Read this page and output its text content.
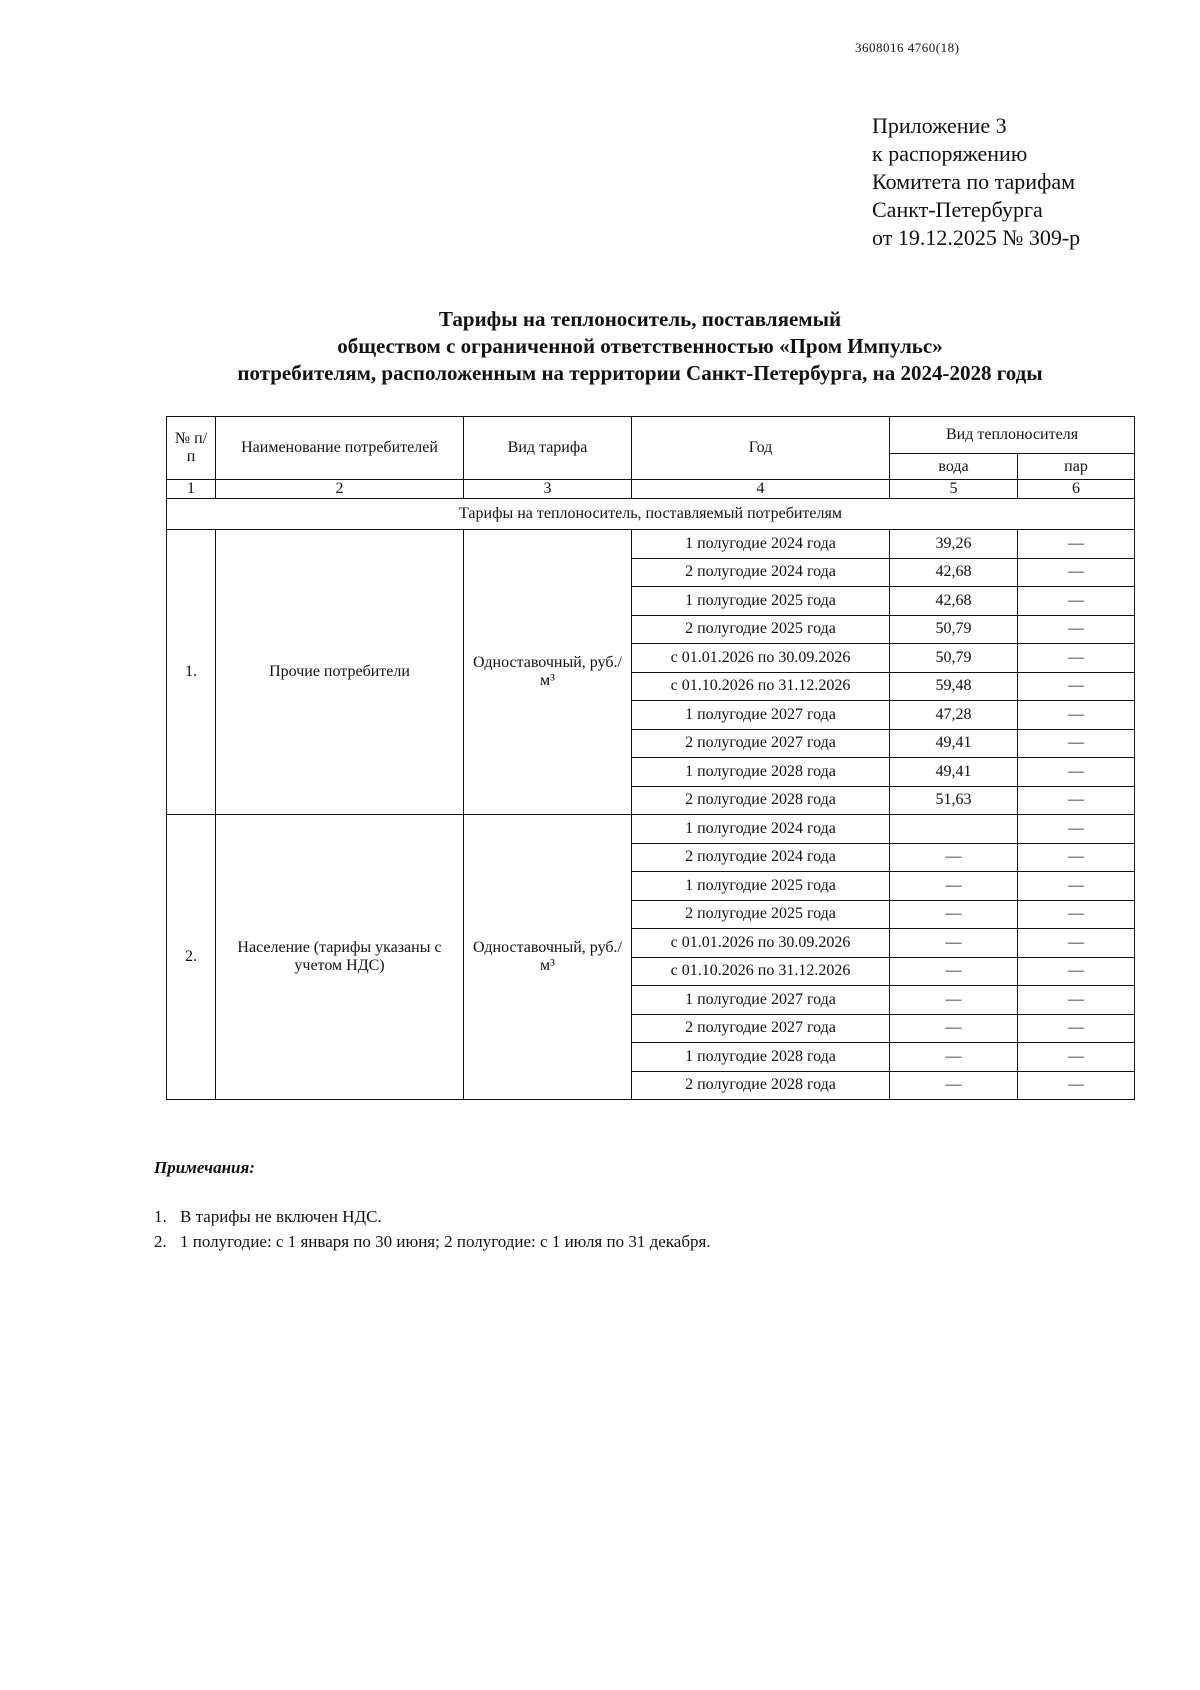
3608016 4760(18)
Приложение 3
к распоряжению
Комитета по тарифам
Санкт-Петербурга
от 19.12.2025 № 309-р
Тарифы на теплоноситель, поставляемый
обществом с ограниченной ответственностью «Пром Импульс»
потребителям, расположенным на территории Санкт-Петербурга, на 2024-2028 годы
№ п/п	Наименование потребителей	Вид тарифа	Год	Вид теплоносителя	
				вода	пар
1	2	3	4	5	6
Тарифы на теплоноситель, поставляемый потребителям					
1.	Прочие потребители	Одноставочный, руб./м³	1 полугодие 2024 года	39,26	—
			2 полугодие 2024 года	42,68	—
			1 полугодие 2025 года	42,68	—
			2 полугодие 2025 года	50,79	—
			с 01.01.2026 по 30.09.2026	50,79	—
			с 01.10.2026 по 31.12.2026	59,48	—
			1 полугодие 2027 года	47,28	—
			2 полугодие 2027 года	49,41	—
			1 полугодие 2028 года	49,41	—
			2 полугодие 2028 года	51,63	—
2.	Население (тарифы указаны с учетом НДС)	Одноставочный, руб./м³	1 полугодие 2024 года		—
			2 полугодие 2024 года	—	—
			1 полугодие 2025 года	—	—
			2 полугодие 2025 года	—	—
			с 01.01.2026 по 30.09.2026	—	—
			с 01.10.2026 по 31.12.2026	—	—
			1 полугодие 2027 года	—	—
			2 полугодие 2027 года	—	—
			1 полугодие 2028 года	—	—
			2 полугодие 2028 года	—	—
Примечания:
1. В тарифы не включен НДС.
2. 1 полугодие: с 1 января по 30 июня; 2 полугодие: с 1 июля по 31 декабря.
